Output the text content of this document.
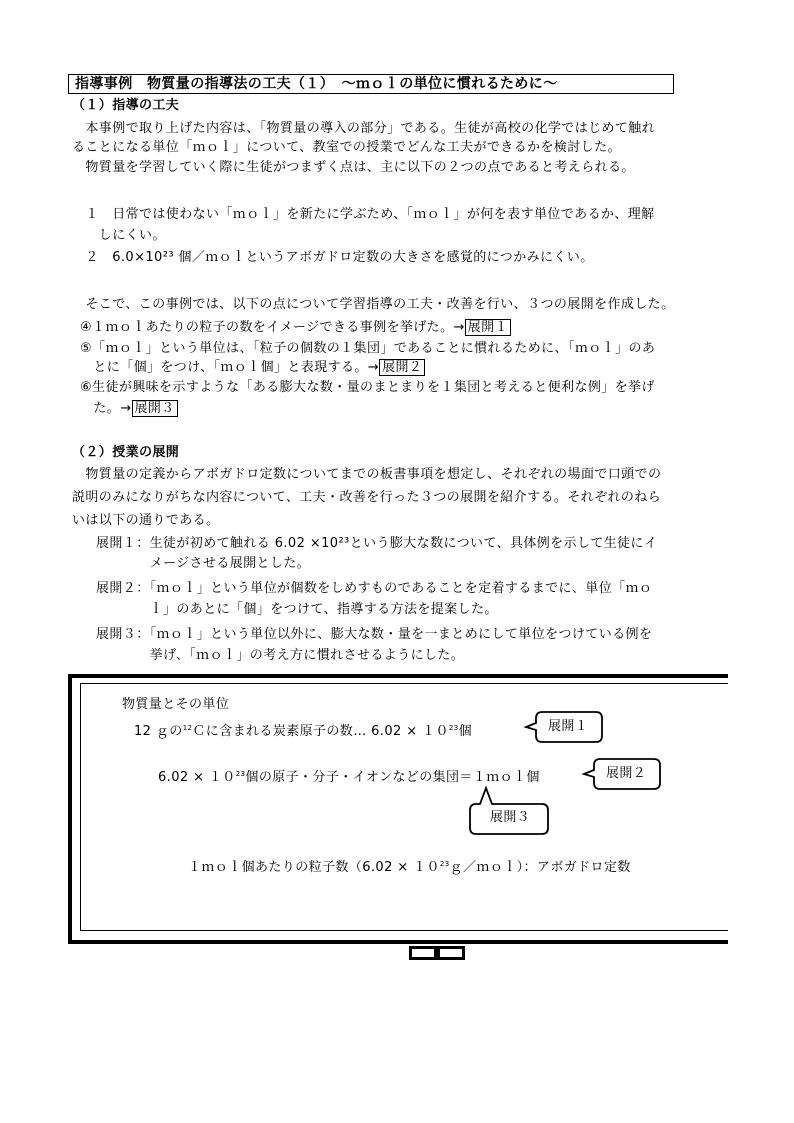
指導事例　物質量の指導法の工夫（１）　～ｍｏｌの単位に慣れるために～
（１）指導の工夫
　本事例で取り上げた内容は、「物質量の導入の部分」である。生徒が高校の化学ではじめて触れ
ることになる単位「ｍｏｌ」について、教室での授業でどんな工夫ができるかを検討した。
　物質量を学習していく際に生徒がつまずく点は、主に以下の２つの点であると考えられる。
　１　日常では使わない「ｍｏｌ」を新たに学ぶため、「ｍｏｌ」が何を表す単位であるか、理解
　　しにくい。
　２　6.0×10²³ 個／ｍｏｌというアボガドロ定数の大きさを感覚的につかみにくい。
　そこで、この事例では、以下の点について学習指導の工夫・改善を行い、３つの展開を作成した。
④１ｍｏｌあたりの粒子の数をイメージできる事例を挙げた。→ 展開１
⑤「ｍｏｌ」という単位は、「粒子の個数の１集団」であることに慣れるために、「ｍｏｌ」のあ
　とに「個」をつけ、「ｍｏｌ個」と表現する。→ 展開２
⑥生徒が興味を示すような「ある膨大な数・量のまとまりを１集団と考えると便利な例」を挙げ
　た。→ 展開３
（２）授業の展開
　物質量の定義からアボガドロ定数についてまでの板書事項を想定し、それぞれの場面で口頭での
説明のみになりがちな内容について、工夫・改善を行った３つの展開を紹介する。それぞれのねら
いは以下の通りである。
展開１：生徒が初めて触れる 6.02 ×10²³という膨大な数について、具体例を示して生徒にイ
　　　　メージさせる展開とした。
展開２：「ｍｏｌ」という単位が個数をしめすものであることを定着するまでに、単位「ｍｏ
　　　　ｌ」のあとに「個」をつけて、指導する方法を提案した。
展開３：「ｍｏｌ」という単位以外に、膨大な数・量を一まとめにして単位をつけている例を
　　　　挙げ、「ｍｏｌ」の考え方に慣れさせるようにした。
物質量とその単位
12 ｇの$^{12}$Ｃに含まれる炭素原子の数… $6.02 \times 10^{23}$個
$6.02 \times 10^{23}$個の原子・分子・イオンなどの集団＝１ｍｏｌ個
１ｍｏｌ個あたりの粒子数$(6.02 \times 10^{23}g/mol)$：アボガドロ定数
展開１
展開２
展開３
